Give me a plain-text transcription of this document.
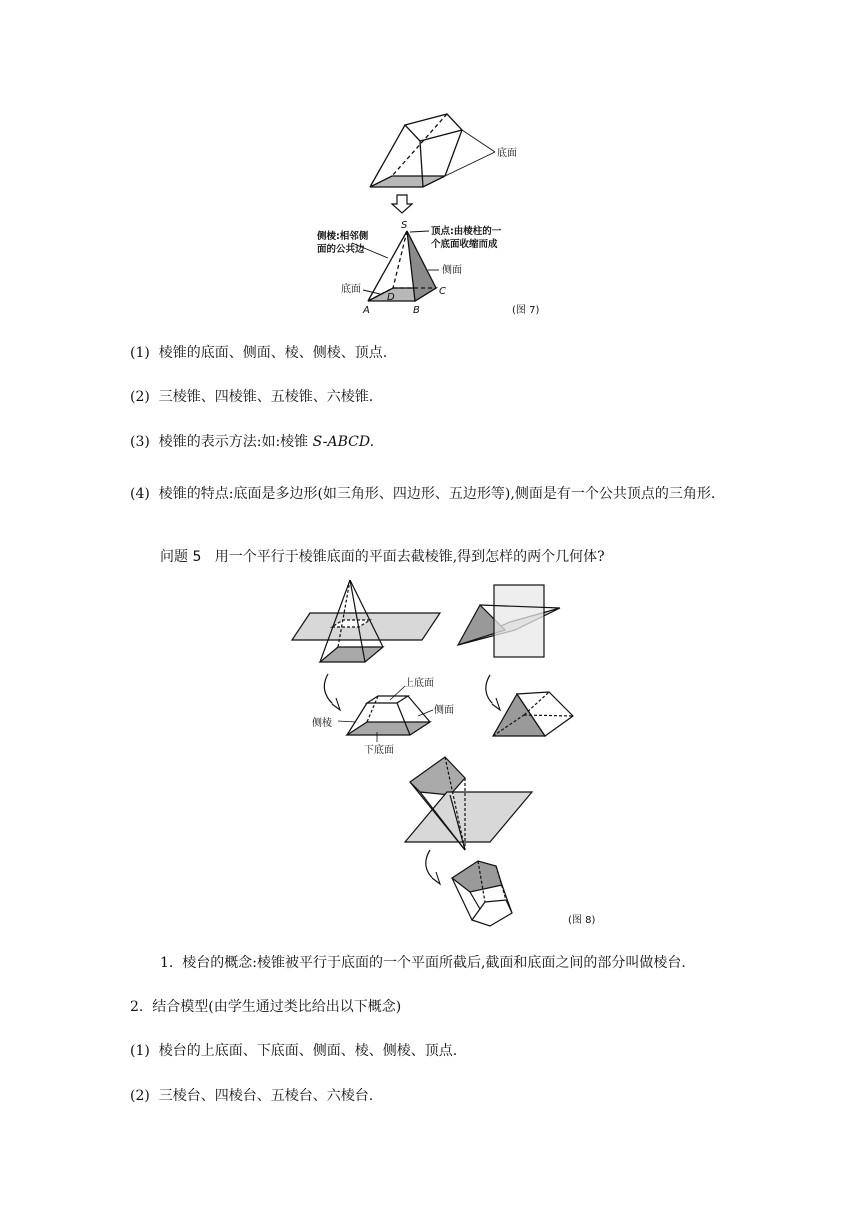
底面
S
顶点:由棱柱的一
个底面收缩而成
侧棱:相邻侧
面的公共边
侧面
底面
D
C
A	B	(图 7)

(1) 棱锥的底面、侧面、棱、侧棱、顶点.

(2) 三棱锥、四棱锥、五棱锥、六棱锥.

(3) 棱锥的表示方法:如:棱锥 S-ABCD.

(4) 棱锥的特点:底面是多边形(如三角形、四边形、五边形等),侧面是有一个公共顶点的三角形.

问题 5 用一个平行于棱锥底面的平面去截棱锥,得到怎样的两个几何体?

上底面
侧面
侧棱
下底面
(图 8)

1. 棱台的概念:棱锥被平行于底面的一个平面所截后,截面和底面之间的部分叫做棱台.

2. 结合模型(由学生通过类比给出以下概念)

(1) 棱台的上底面、下底面、侧面、棱、侧棱、顶点.

(2) 三棱台、四棱台、五棱台、六棱台.
